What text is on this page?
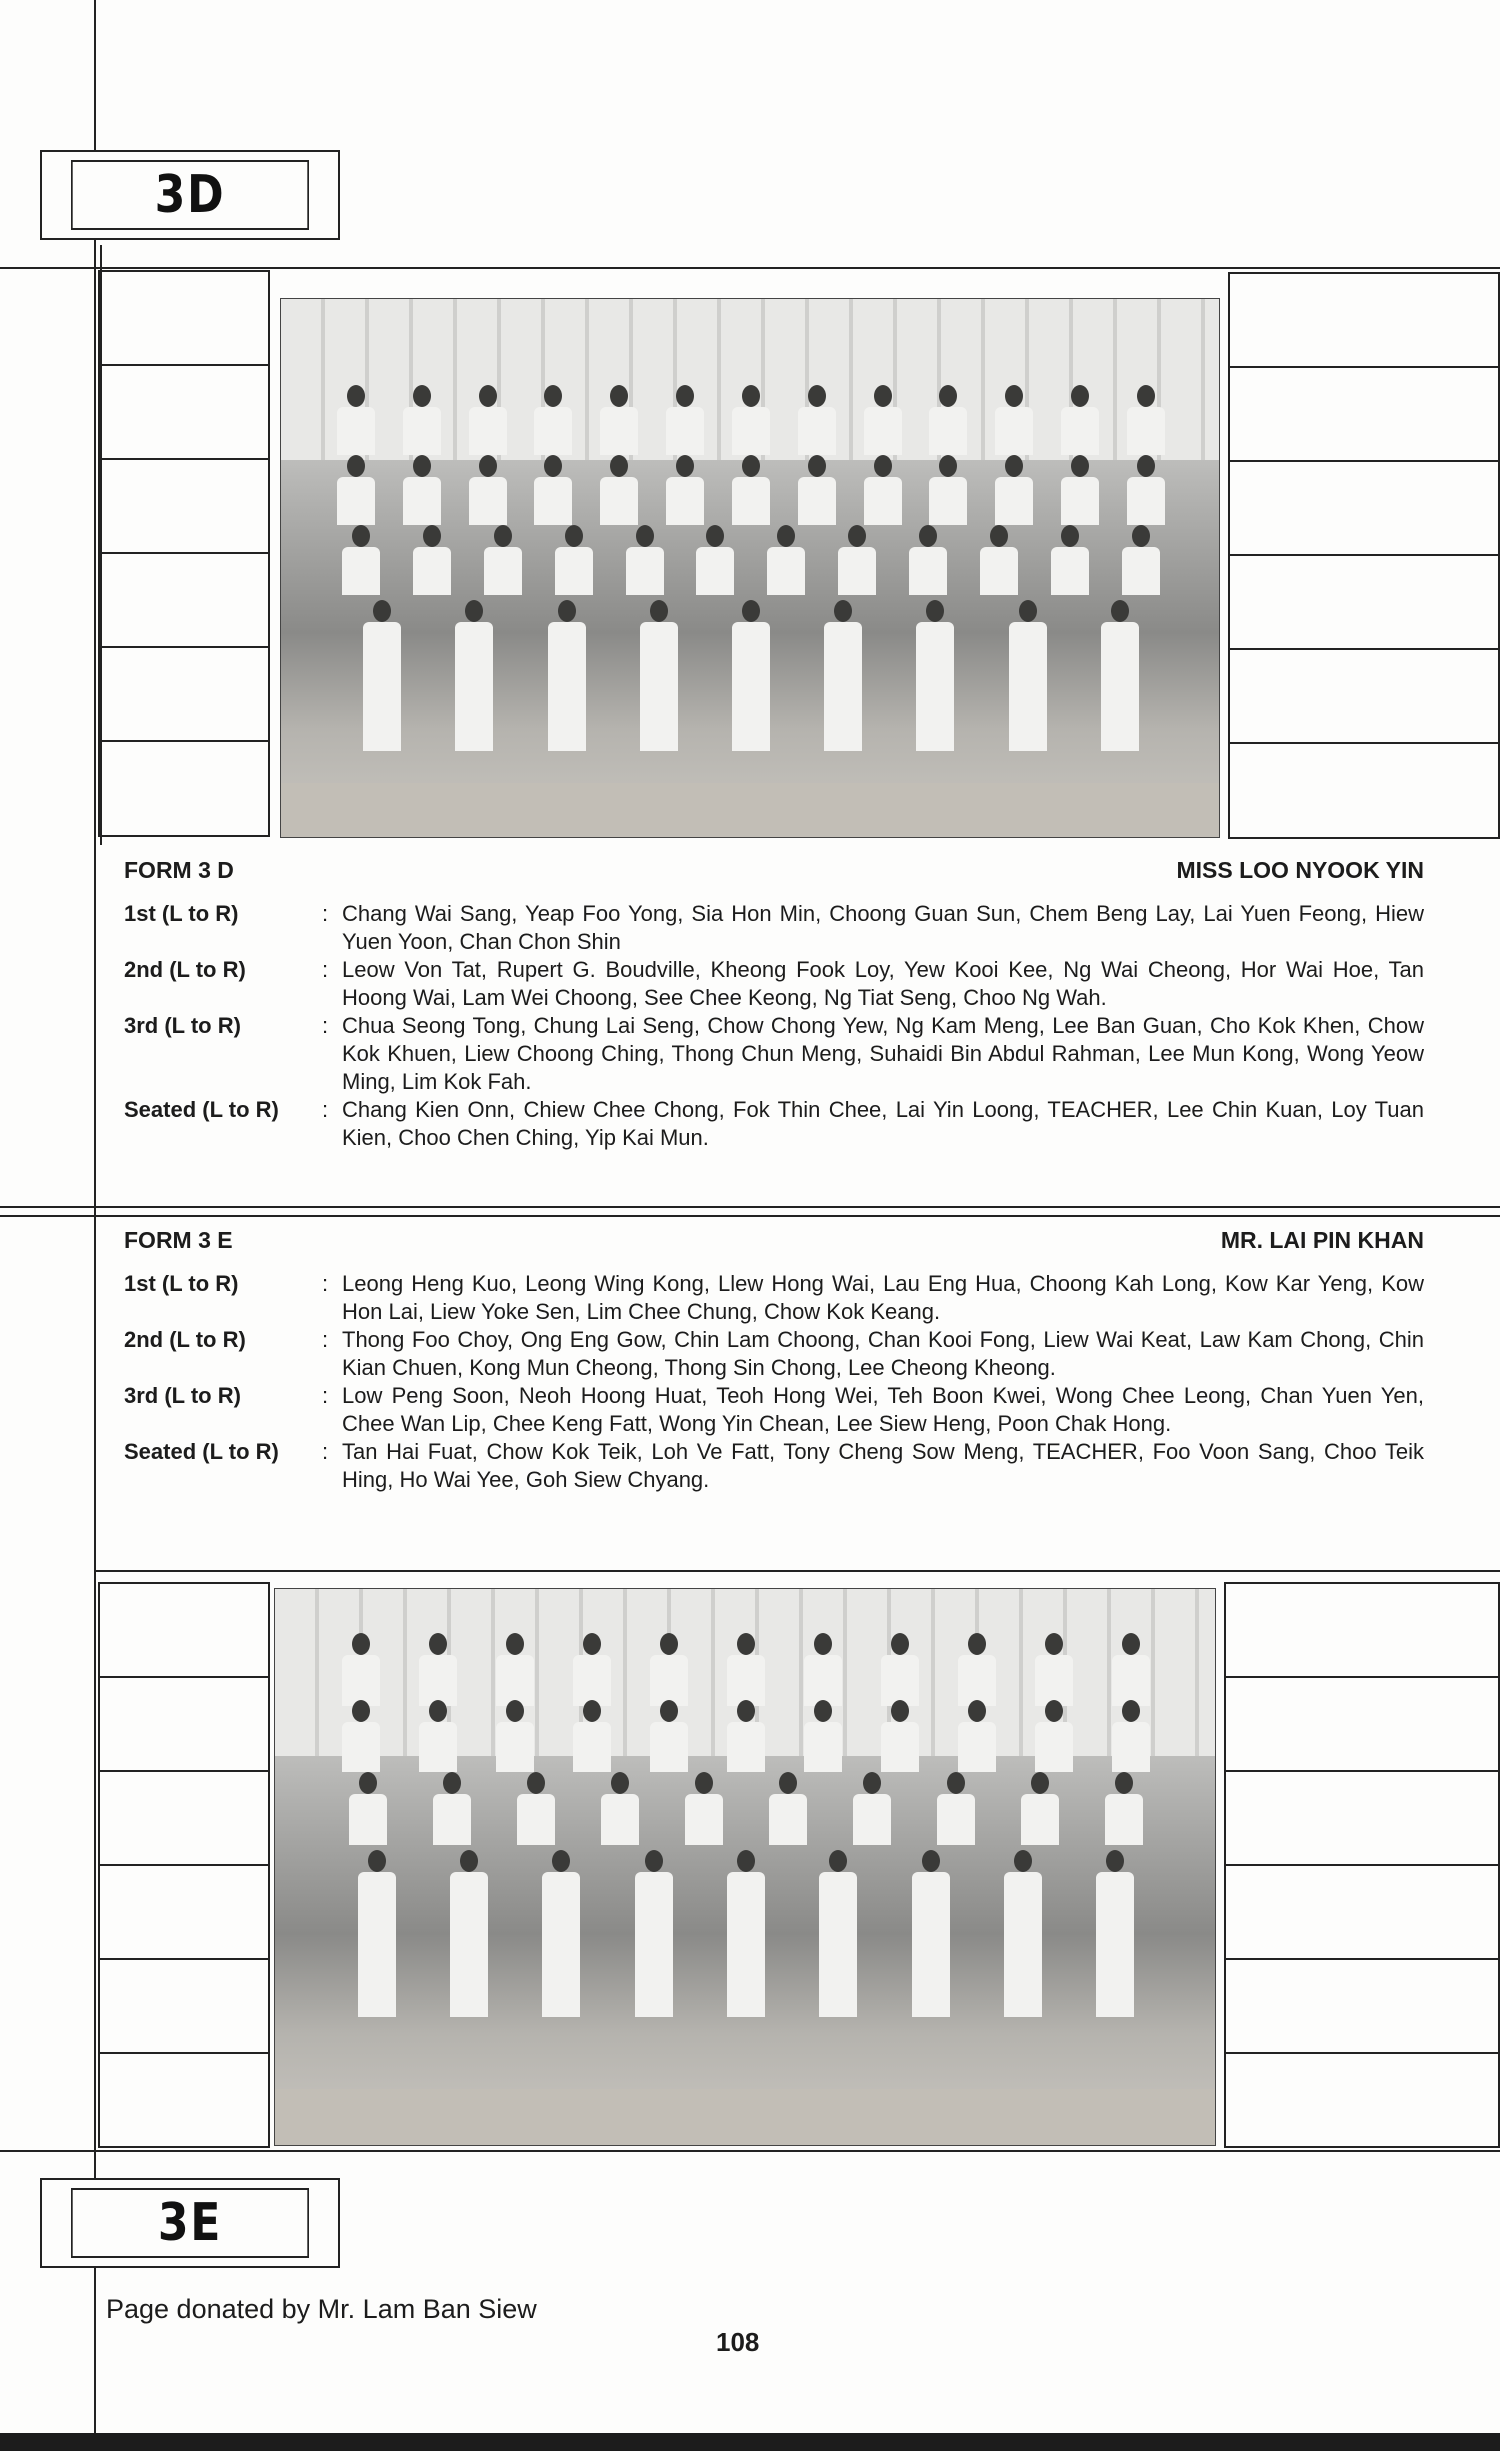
3D
FORM 3 D	MISS LOO NYOOK YIN
1st (L to R)	: Chang Wai Sang, Yeap Foo Yong, Sia Hon Min, Choong Guan Sun, Chem Beng Lay, Lai Yuen Feong, Hiew Yuen Yoon, Chan Chon Shin
2nd (L to R)	: Leow Von Tat, Rupert G. Boudville, Kheong Fook Loy, Yew Kooi Kee, Ng Wai Cheong, Hor Wai Hoe, Tan Hoong Wai, Lam Wei Choong, See Chee Keong, Ng Tiat Seng, Choo Ng Wah.
3rd (L to R)	: Chua Seong Tong, Chung Lai Seng, Chow Chong Yew, Ng Kam Meng, Lee Ban Guan, Cho Kok Khen, Chow Kok Khuen, Liew Choong Ching, Thong Chun Meng, Suhaidi Bin Abdul Rahman, Lee Mun Kong, Wong Yeow Ming, Lim Kok Fah.
Seated (L to R)	: Chang Kien Onn, Chiew Chee Chong, Fok Thin Chee, Lai Yin Loong, TEACHER, Lee Chin Kuan, Loy Tuan Kien, Choo Chen Ching, Yip Kai Mun.
FORM 3 E	MR. LAI PIN KHAN
1st (L to R)	: Leong Heng Kuo, Leong Wing Kong, Llew Hong Wai, Lau Eng Hua, Choong Kah Long, Kow Kar Yeng, Kow Hon Lai, Liew Yoke Sen, Lim Chee Chung, Chow Kok Keang.
2nd (L to R)	: Thong Foo Choy, Ong Eng Gow, Chin Lam Choong, Chan Kooi Fong, Liew Wai Keat, Law Kam Chong, Chin Kian Chuen, Kong Mun Cheong, Thong Sin Chong, Lee Cheong Kheong.
3rd (L to R)	: Low Peng Soon, Neoh Hoong Huat, Teoh Hong Wei, Teh Boon Kwei, Wong Chee Leong, Chan Yuen Yen, Chee Wan Lip, Chee Keng Fatt, Wong Yin Chean, Lee Siew Heng, Poon Chak Hong.
Seated (L to R)	: Tan Hai Fuat, Chow Kok Teik, Loh Ve Fatt, Tony Cheng Sow Meng, TEACHER, Foo Voon Sang, Choo Teik Hing, Ho Wai Yee, Goh Siew Chyang.
3E
Page donated by Mr. Lam Ban Siew
108
